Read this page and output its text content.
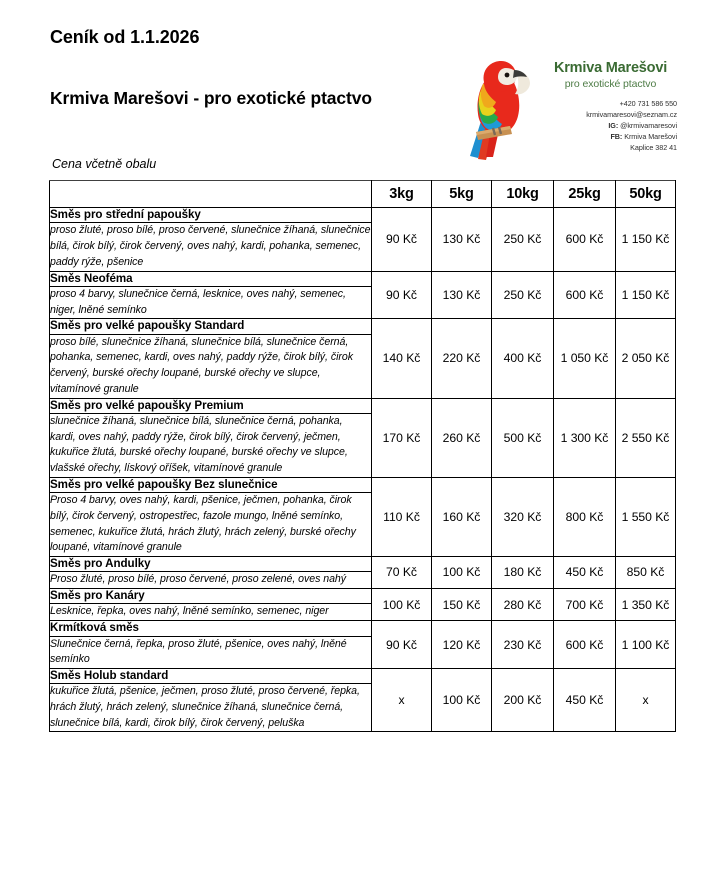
Ceník od 1.1.2026
Krmiva Marešovi - pro exotické ptactvo
Cena včetně obalu
Krmiva Marešovi
pro exotické ptactvo
+420 731 586 550
krmivamaresovi@seznam.cz
IG: @krmivamaresovi
FB: Krmiva Marešovi
Kaplice 382 41
	3kg	5kg	10kg	25kg	50kg
Směs pro střední papoušky	90 Kč	130 Kč	250 Kč	600 Kč	1 150 Kč
proso žluté, proso bílé, proso červené, slunečnice žíhaná, slunečnice bílá, čirok bílý, čirok červený, oves nahý, kardi, pohanka, semenec, paddy rýže, pšenice					
Směs Neoféma	90 Kč	130 Kč	250 Kč	600 Kč	1 150 Kč
proso 4 barvy, slunečnice černá, lesknice, oves nahý, semenec, niger, lněné semínko					
Směs pro velké papoušky Standard	140 Kč	220 Kč	400 Kč	1 050 Kč	2 050 Kč
proso bílé, slunečnice žíhaná, slunečnice bílá, slunečnice černá, pohanka, semenec, kardi, oves nahý, paddy rýže, čirok bílý, čirok červený, burské ořechy loupané, burské ořechy ve slupce, vitamínové granule					
Směs pro velké papoušky Premium	170 Kč	260 Kč	500 Kč	1 300 Kč	2 550 Kč
slunečnice žíhaná, slunečnice bílá, slunečnice černá, pohanka, kardi, oves nahý, paddy rýže, čirok bílý, čirok červený, ječmen, kukuřice žlutá, burské ořechy loupané, burské ořechy ve slupce, vlašské ořechy, lískový oříšek, vitamínové granule					
Směs pro velké papoušky Bez slunečnice	110 Kč	160 Kč	320 Kč	800 Kč	1 550 Kč
Proso 4 barvy, oves nahý, kardi, pšenice, ječmen, pohanka, čirok bílý, čirok červený, ostropestřec, fazole mungo, lněné semínko, semenec, kukuřice žlutá, hrách žlutý, hrách zelený, burské ořechy loupané, vitamínové granule					
Směs pro Andulky	70 Kč	100 Kč	180 Kč	450 Kč	850 Kč
Proso žluté, proso bílé, proso červené, proso zelené, oves nahý					
Směs pro Kanáry	100 Kč	150 Kč	280 Kč	700 Kč	1 350 Kč
Lesknice, řepka, oves nahý, lněné semínko, semenec, niger					
Krmítková směs	90 Kč	120 Kč	230 Kč	600 Kč	1 100 Kč
Slunečnice černá, řepka, proso žluté, pšenice, oves nahý, lněné semínko					
Směs Holub standard	x	100 Kč	200 Kč	450 Kč	x
kukuřice žlutá, pšenice, ječmen, proso žluté, proso červené, řepka, hrách žlutý, hrách zelený, slunečnice žíhaná, slunečnice černá, slunečnice bílá, kardi, čirok bílý, čirok červený, peluška					
